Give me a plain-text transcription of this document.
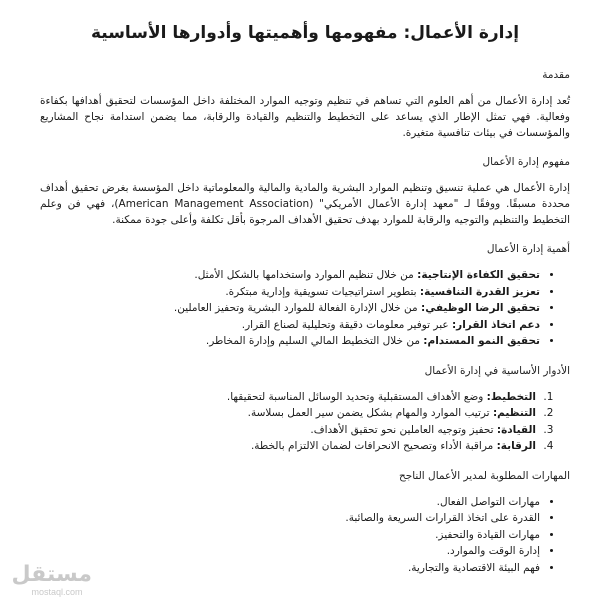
إدارة الأعمال: مفهومها وأهميتها وأدوارها الأساسية
مقدمة

تُعد إدارة الأعمال من أهم العلوم التي تساهم في تنظيم وتوجيه الموارد المختلفة داخل المؤسسات لتحقيق أهدافها بكفاءة وفعالية. فهي تمثل الإطار الذي يساعد على التخطيط والتنظيم والقيادة والرقابة، مما يضمن استدامة نجاح المشاريع والمؤسسات في بيئات تنافسية متغيرة.

مفهوم إدارة الأعمال

إدارة الأعمال هي عملية تنسيق وتنظيم الموارد البشرية والمادية والمالية والمعلوماتية داخل المؤسسة بغرض تحقيق أهداف محددة مسبقًا. ووفقًا لـ "معهد إدارة الأعمال الأمريكي" (American Management Association)، فهي فن وعلم التخطيط والتنظيم والتوجيه والرقابة للموارد بهدف تحقيق الأهداف المرجوة بأقل تكلفة وأعلى جودة ممكنة.

أهمية إدارة الأعمال
• تحقيق الكفاءة الإنتاجية: من خلال تنظيم الموارد واستخدامها بالشكل الأمثل.
• تعزيز القدرة التنافسية: بتطوير استراتيجيات تسويقية وإدارية مبتكرة.
• تحقيق الرضا الوظيفي: من خلال الإدارة الفعالة للموارد البشرية وتحفيز العاملين.
• دعم اتخاذ القرار: عبر توفير معلومات دقيقة وتحليلية لصناع القرار.
• تحقيق النمو المستدام: من خلال التخطيط المالي السليم وإدارة المخاطر.
الأدوار الأساسية في إدارة الأعمال
1. التخطيط: وضع الأهداف المستقبلية وتحديد الوسائل المناسبة لتحقيقها.
2. التنظيم: ترتيب الموارد والمهام بشكل يضمن سير العمل بسلاسة.
3. القيادة: تحفيز وتوجيه العاملين نحو تحقيق الأهداف.
4. الرقابة: مراقبة الأداء وتصحيح الانحرافات لضمان الالتزام بالخطة.
المهارات المطلوبة لمدير الأعمال الناجح
• مهارات التواصل الفعال.
• القدرة على اتخاذ القرارات السريعة والصائبة.
• مهارات القيادة والتحفيز.
• إدارة الوقت والموارد.
• فهم البيئة الاقتصادية والتجارية.
مستقل
mostaql.com
